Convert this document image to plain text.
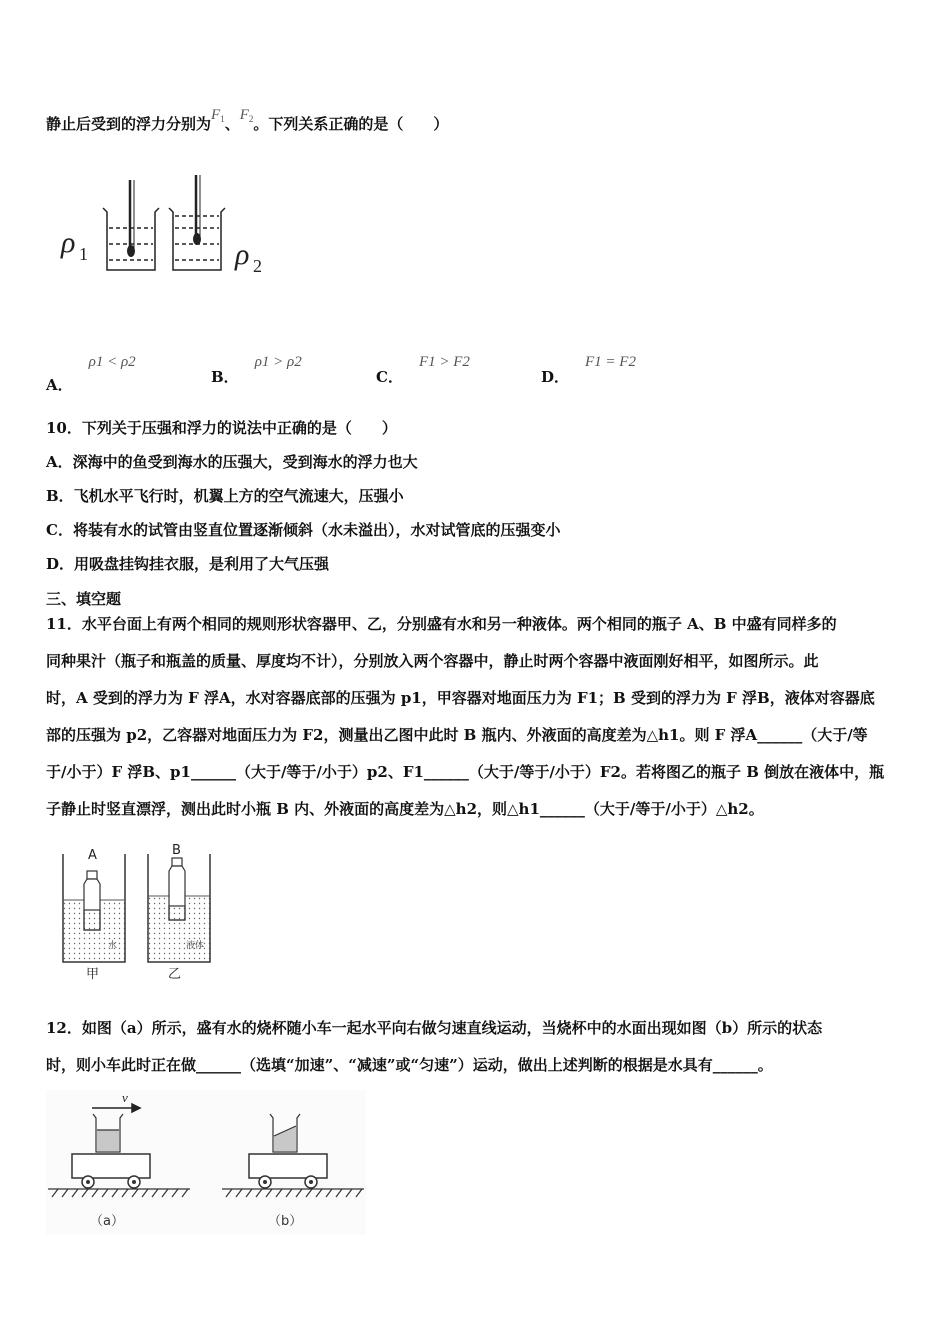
静止后受到的浮力分别为$F_1$、$F_2$。下列关系正确的是（　　）
ρ 1	ρ 2
A．ρ1 < ρ2
B．ρ1 > ρ2
C．F1 > F2
D．F1 = F2
10．下列关于压强和浮力的说法中正确的是（　　）
A．深海中的鱼受到海水的压强大，受到海水的浮力也大
B．飞机水平飞行时，机翼上方的空气流速大，压强小
C．将装有水的试管由竖直位置逐渐倾斜（水未溢出），水对试管底的压强变小
D．用吸盘挂钩挂衣服，是利用了大气压强
三、填空题
11．水平台面上有两个相同的规则形状容器甲、乙，分别盛有水和另一种液体。两个相同的瓶子 A、B 中盛有同样多的
同种果汁（瓶子和瓶盖的质量、厚度均不计），分别放入两个容器中，静止时两个容器中液面刚好相平，如图所示。此
时，A 受到的浮力为 F 浮A，水对容器底部的压强为 p1，甲容器对地面压力为 F1；B 受到的浮力为 F 浮B，液体对容器底
部的压强为 p2，乙容器对地面压力为 F2，测量出乙图中此时 B 瓶内、外液面的高度差为△h1。则 F 浮A______（大于/等
于/小于）F 浮B、p1______（大于/等于/小于）p2、F1______（大于/等于/小于）F2。若将图乙的瓶子 B 倒放在液体中，瓶
子静止时竖直漂浮，测出此时小瓶 B 内、外液面的高度差为△h2，则△h1______（大于/等于/小于）△h2。
A
水
甲
B
液体
乙
12．如图（a）所示，盛有水的烧杯随小车一起水平向右做匀速直线运动，当烧杯中的水面出现如图（b）所示的状态
时，则小车此时正在做______（选填“加速”、“减速”或“匀速”）运动，做出上述判断的根据是水具有______。
v
（a）	（b）
